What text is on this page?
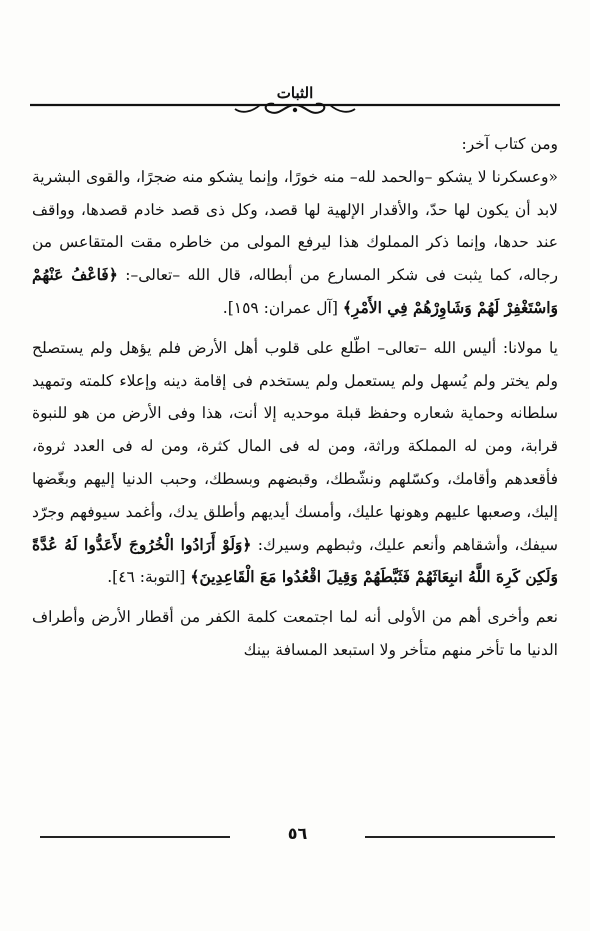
الثبات

ومن كتاب آخر:

«وعسكرنا لا يشكو –والحمد لله– منه خورًا، وإنما يشكو منه ضجرًا، والقوى البشرية لابد أن يكون لها حدّ، والأقدار الإلهية لها قصد، وكل ذى قصد خادم قصدها، وواقف عند حدها، وإنما ذكر المملوك هذا ليرفع المولى من خاطره مقت المتقاعس من رجاله، كما يثبت فى شكر المسارع من أبطاله، قال الله –تعالى–: ﴿فَاعْفُ عَنْهُمْ وَاسْتَغْفِرْ لَهُمْ وَشَاوِرْهُمْ فِي الأَمْرِ﴾ [آل عمران: ١٥٩].

يا مولانا: أليس الله –تعالى– اطّلع على قلوب أهل الأرض فلم يؤهل ولم يستصلح ولم يختر ولم يُسهل ولم يستعمل ولم يستخدم فى إقامة دينه وإعلاء كلمته وتمهيد سلطانه وحماية شعاره وحفظ قبلة موحديه إلا أنت، هذا وفى الأرض من هو للنبوة قرابة، ومن له المملكة وراثة، ومن له فى المال كثرة، ومن له فى العدد ثروة، فأقعدهم وأقامك، وكسّلهم ونشّطك، وقبضهم وبسطك، وحبب الدنيا إليهم وبغّضها إليك، وصعبها عليهم وهونها عليك، وأمسك أيديهم وأطلق يدك، وأغمد سيوفهم وجرّد سيفك، وأشقاهم وأنعم عليك، وثبطهم وسيرك: ﴿وَلَوْ أَرَادُوا الْخُرُوجَ لأَعَدُّوا لَهُ عُدَّةً وَلَكِن كَرِهَ اللَّهُ انبِعَاثَهُمْ فَثَبَّطَهُمْ وَقِيلَ اقْعُدُوا مَعَ الْقَاعِدِينَ﴾ [التوبة: ٤٦].

نعم وأخرى أهم من الأولى أنه لما اجتمعت كلمة الكفر من أقطار الأرض وأطراف الدنيا ما تأخر منهم متأخر ولا استبعد المسافة بينك

٥٦
